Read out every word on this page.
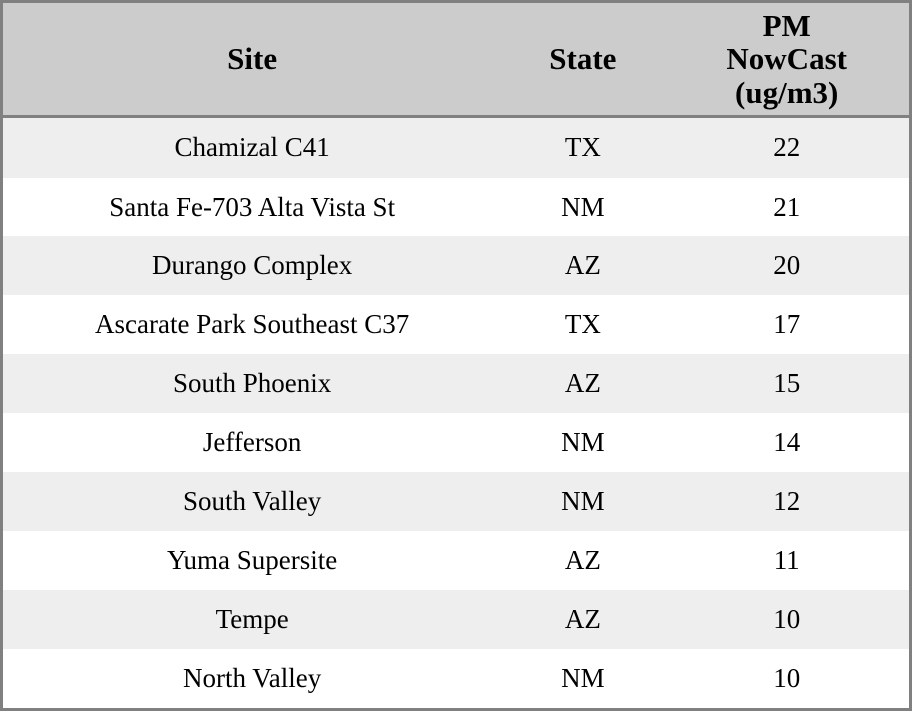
Site	State	PM
NowCast
(ug/m3)

Chamizal C41	TX	22
Santa Fe-703 Alta Vista St	NM	21
Durango Complex	AZ	20
Ascarate Park Southeast C37	TX	17
South Phoenix	AZ	15
Jefferson	NM	14
South Valley	NM	12
Yuma Supersite	AZ	11
Tempe	AZ	10
North Valley	NM	10
